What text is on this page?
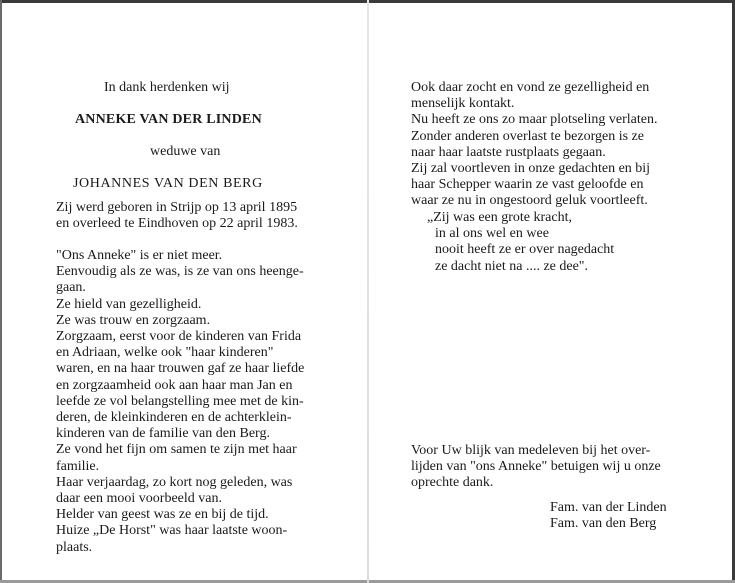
In dank herdenken wij
ANNEKE VAN DER LINDEN
weduwe van
JOHANNES VAN DEN BERG
Zij werd geboren in Strijp op 13 april 1895
en overleed te Eindhoven op 22 april 1983.
"Ons Anneke" is er niet meer.
Eenvoudig als ze was, is ze van ons heenge-
gaan.
Ze hield van gezelligheid.
Ze was trouw en zorgzaam.
Zorgzaam, eerst voor de kinderen van Frida
en Adriaan, welke ook "haar kinderen"
waren, en na haar trouwen gaf ze haar liefde
en zorgzaamheid ook aan haar man Jan en
leefde ze vol belangstelling mee met de kin-
deren, de kleinkinderen en de achterklein-
kinderen van de familie van den Berg.
Ze vond het fijn om samen te zijn met haar
familie.
Haar verjaardag, zo kort nog geleden, was
daar een mooi voorbeeld van.
Helder van geest was ze en bij de tijd.
Huize „De Horst" was haar laatste woon-
plaats.
Ook daar zocht en vond ze gezelligheid en
menselijk kontakt.
Nu heeft ze ons zo maar plotseling verlaten.
Zonder anderen overlast te bezorgen is ze
naar haar laatste rustplaats gegaan.
Zij zal voortleven in onze gedachten en bij
haar Schepper waarin ze vast geloofde en
waar ze nu in ongestoord geluk voortleeft.
„Zij was een grote kracht,
in al ons wel en wee
nooit heeft ze er over nagedacht
ze dacht niet na .... ze dee".
Voor Uw blijk van medeleven bij het over-
lijden van "ons Anneke" betuigen wij u onze
oprechte dank.
Fam. van der Linden
Fam. van den Berg
